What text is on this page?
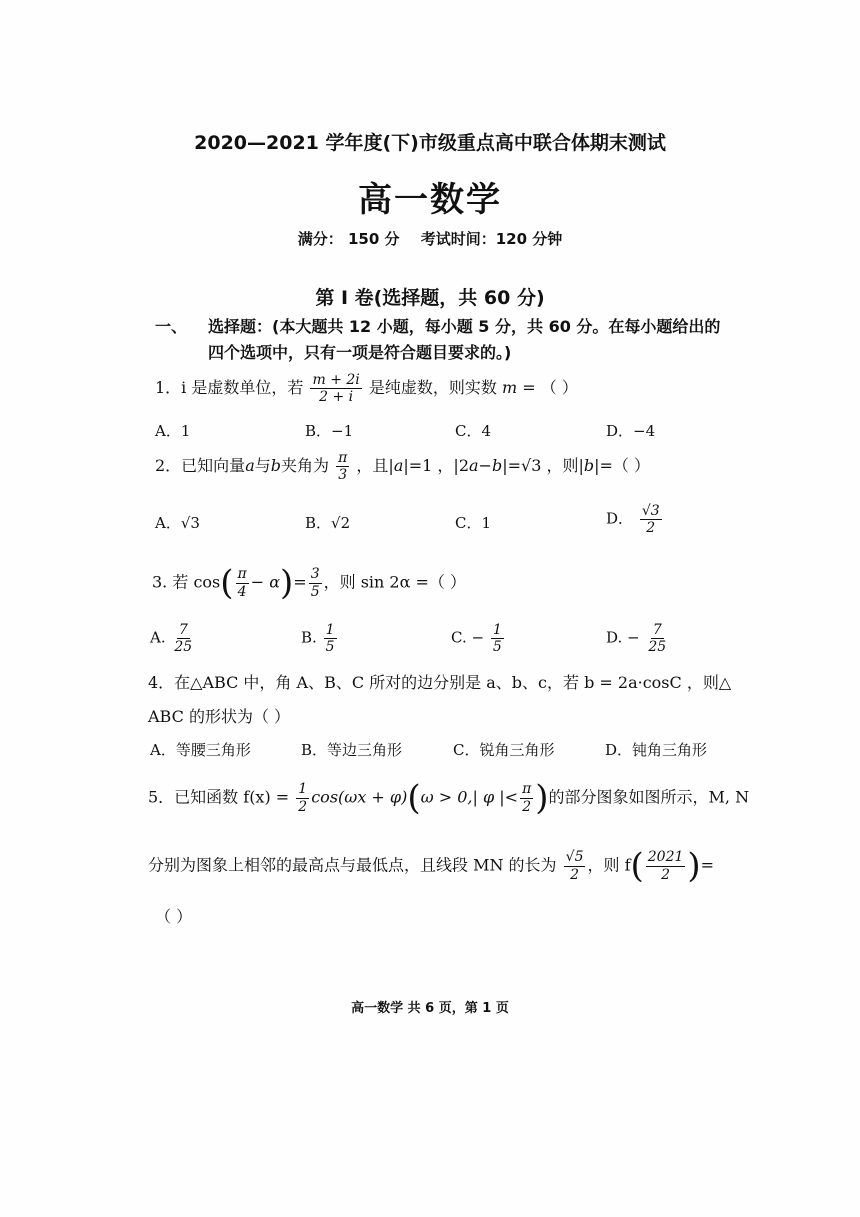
2020—2021 学年度(下)市级重点高中联合体期末测试
高一数学
满分： 150 分 考试时间：120 分钟
第 I 卷(选择题，共 60 分)
一、 选择题：(本大题共 12 小题，每小题 5 分，共 60 分。在每小题给出的
四个选项中，只有一项是符合题目要求的。)
1．i 是虚数单位，若 $\frac{m + 2i}{2 + i}$ 是纯虚数，则实数 m = （ ）
A．1	B．−1	C．4	D．−4
2．已知向量a与b夹角为 $\frac{\pi}{3}$ ，且|a|=1 ，|2a−b|=√3 ，则|b|=（ ）
A．√3	B．√2	C．1	D． $\frac{√3}{2}$
3. 若 $\cos( \frac{\pi}{4} - \alpha)= \frac{3}{5}$ ，则 sin 2α =（ ）
A. $\frac{7}{25}$	B. $\frac{1}{5}$	C. − $\frac{1}{5}$	D. − $\frac{7}{25}$
4．在△ABC 中，角 A、B、C 所对的边分别是 a、b、c，若 b = 2a·cosC ，则△
ABC 的形状为（ ）
A．等腰三角形	B．等边三角形	C．锐角三角形	D．钝角三角形
5．已知函数 $f(x) = \frac{1}{2} \cos(\omega x + \varphi)(\omega > 0,|$ φ |< $\frac{\pi}{2}$ )的部分图象如图所示，M, N
分别为图象上相邻的最高点与最低点，且线段 MN 的长为 $\frac{√5}{2}$ ，则 $f( \frac{2021}{2}$ )=
（ ）
高一数学 共 6 页，第 1 页
